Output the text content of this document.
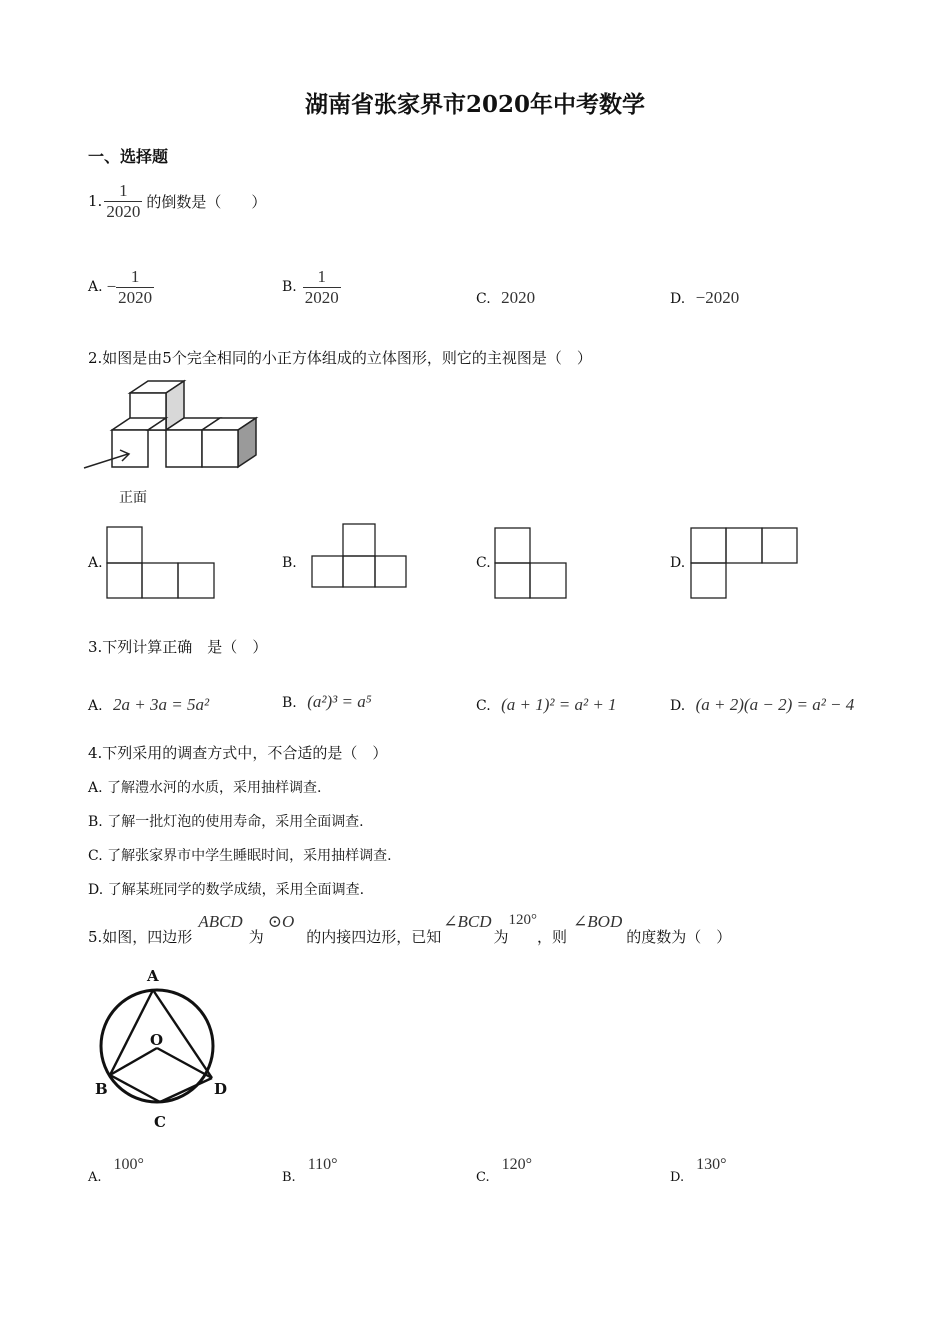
湖南省张家界市2020年中考数学
一、选择题
1. $\frac{1}{2020}$ 的倒数是（　　）
A. − $\frac{1}{2020}$	B. $\frac{1}{2020}$	C. 2020	D. −2020
2.如图是由5个完全相同的小正方体组成的立体图形，则它的主视图是（　）
正面
A.	B.	C.	D.
3.下列计算正确　是（　）
A. 2a + 3a = 5a²	B. (a²)³ = a⁵	C. (a + 1)² = a² + 1	D. (a + 2)(a − 2) = a² − 4
4.下列采用的调查方式中，不合适的是（　）
A. 了解澧水河的水质，采用抽样调查.
B. 了解一批灯泡的使用寿命，采用全面调查.
C. 了解张家界市中学生睡眠时间，采用抽样调查.
D. 了解某班同学的数学成绩，采用全面调查.
5.如图，四边形
ABCD
为
⊙O
的内接四边形，已知
∠BCD
为
120°
，则
∠BOD
的度数为（　）
A
O
B
C
D
A.
100°
B.
110°
C.
120°
D.
130°
